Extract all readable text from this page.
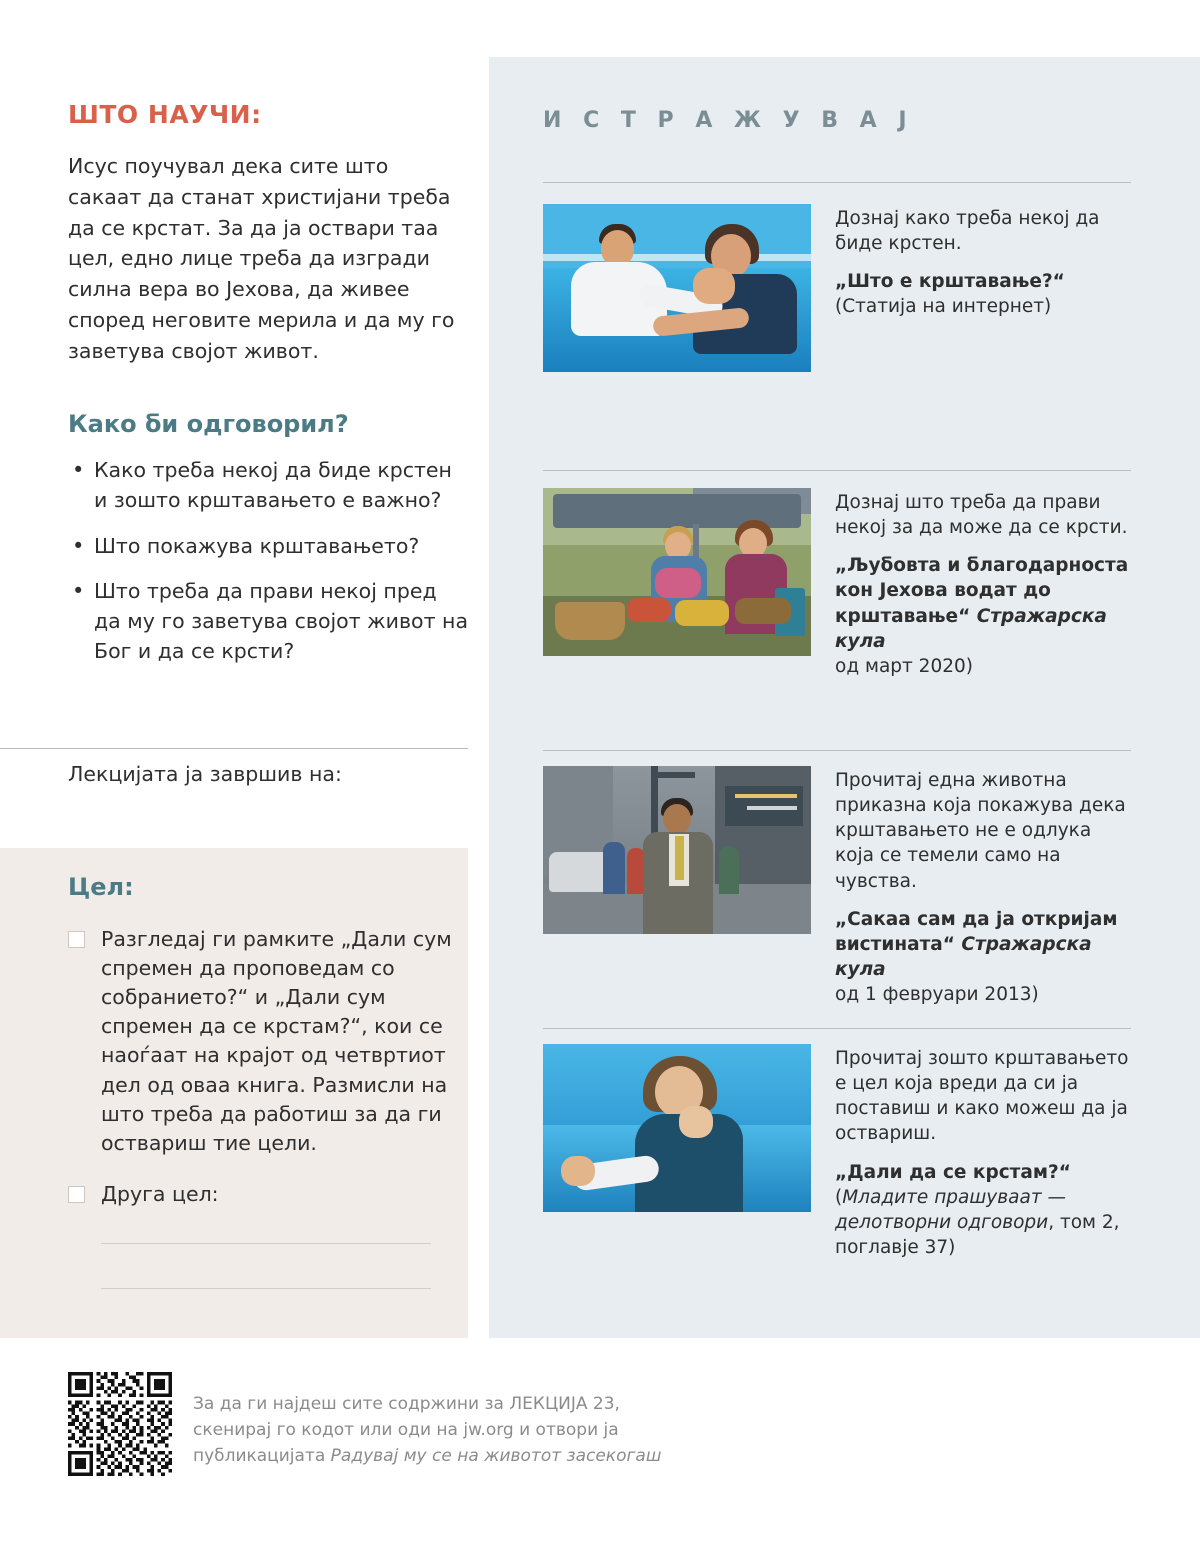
ШТО НАУЧИ:

Исус поучувал дека сите што сакаат да станат христијани треба да се крстат. За да ја оствари таа цел, едно лице треба да изгради силна вера во Јехова, да живее според неговите мерила и да му го заветува својот живот.

Како би одговорил?
• Како треба некој да биде крстен и зошто крштавањето е важно?
• Што покажува крштавањето?
• Што треба да прави некој пред да му го заветува својот живот на Бог и да се крсти?
Лекцијата ја завршив на:
Цел:
Разгледај ги рамките „Дали сум спремен да проповедам со собранието?“ и „Дали сум спремен да се крстам?“, кои се наоѓаат на крајот од четвртиот дел од оваа книга. Размисли на што треба да работиш за да ги оствариш тие цели.
Друга цел:
И С Т Р А Ж У В А Ј
Дознај како треба некој да биде крстен.
„Што е крштавање?“
(Статија на интернет)
Дознај што треба да прави некој за да може да се крсти.
„Љубовта и благодарноста кон Јехова водат до крштавање“ Стражарска кула
од март 2020)
Прочитај една животна приказна која покажува дека крштавањето не е одлука која се темели само на чувства.
„Сакаа сам да ја откријам вистината“ Стражарска кула
од 1 февруари 2013)
Прочитај зошто крштавањето е цел која вреди да си ја поставиш и како можеш да ја оствариш.
„Дали да се крстам?“
(Младите прашуваат — делотворни одговори, том 2, поглавје 37)
За да ги најдеш сите содржини за ЛЕКЦИЈА 23,
скенирај го кодот или оди на jw.org и отвори ја
публикацијата Радувај му се на животот засекогаш
